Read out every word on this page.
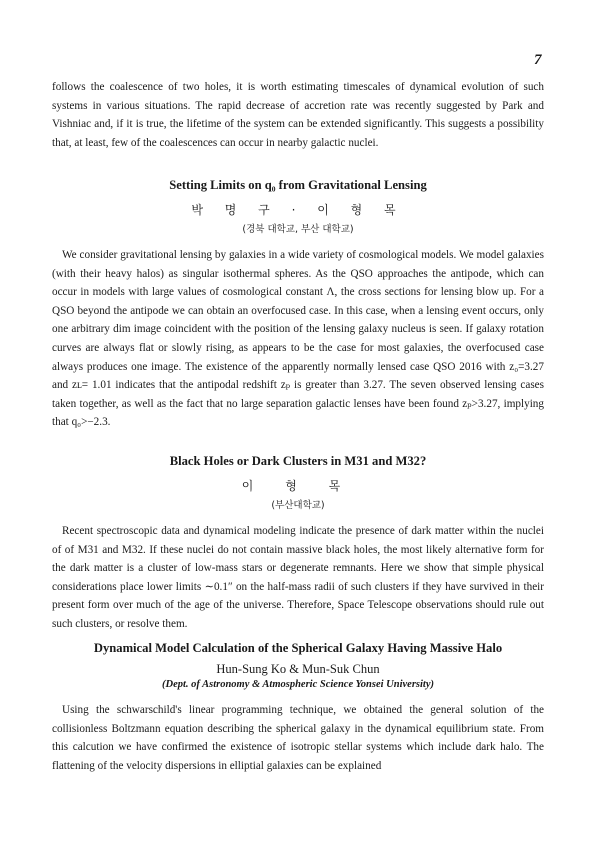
7

follows the coalescence of two holes, it is worth estimating timescales of dynamical evolution of such systems in various situations. The rapid decrease of accretion rate was recently suggested by Park and Vishniac and, if it is true, the lifetime of the system can be extended significantly. This suggests a possibility that, at least, few of the coalescences can occur in nearby galactic nuclei.

Setting Limits on q₀ from Gravitational Lensing

박 명 구 · 이 형 목

(경북 대학교, 부산 대학교)

We consider gravitational lensing by galaxies in a wide variety of cosmological models. We model galaxies (with their heavy halos) as singular isothermal spheres. As the QSO approaches the antipode, which can occur in models with large values of cosmological constant Λ, the cross sections for lensing blow up. For a QSO beyond the antipode we can obtain an overfocused case. In this case, when a lensing event occurs, only one arbitrary dim image coincident with the position of the lensing galaxy nucleus is seen. If galaxy rotation curves are always flat or slowly rising, as appears to be the case for most galaxies, the overfocused case always produces one image. The existence of the apparently normally lensed case QSO 2016 with z₀=3.27 and zʟ= 1.01 indicates that the antipodal redshift zₚ is greater than 3.27. The seven observed lensing cases taken together, as well as the fact that no large separation galactic lenses have been found zₚ>3.27, implying that q₀>−2.3.

Black Holes or Dark Clusters in M31 and M32?

이 형 목

(부산대학교)

Recent spectroscopic data and dynamical modeling indicate the presence of dark matter within the nuclei of of M31 and M32. If these nuclei do not contain massive black holes, the most likely alternative form for the dark matter is a cluster of low-mass stars or degenerate remnants. Here we show that simple physical considerations place lower limits ∼0.1″ on the half-mass radii of such clusters if they have survived in their present form over much of the age of the universe. Therefore, Space Telescope observations should rule out such clusters, or resolve them.

Dynamical Model Calculation of the Spherical Galaxy Having Massive Halo

Hun-Sung Ko & Mun-Suk Chun

(Dept. of Astronomy & Atmospheric Science Yonsei University)

Using the schwarschild's linear programming technique, we obtained the general solution of the collisionless Boltzmann equation describing the spherical galaxy in the dynamical equilibrium state. From this calcution we have confirmed the existence of isotropic stellar systems which include dark halo. The flattening of the velocity dispersions in elliptial galaxies can be explained
